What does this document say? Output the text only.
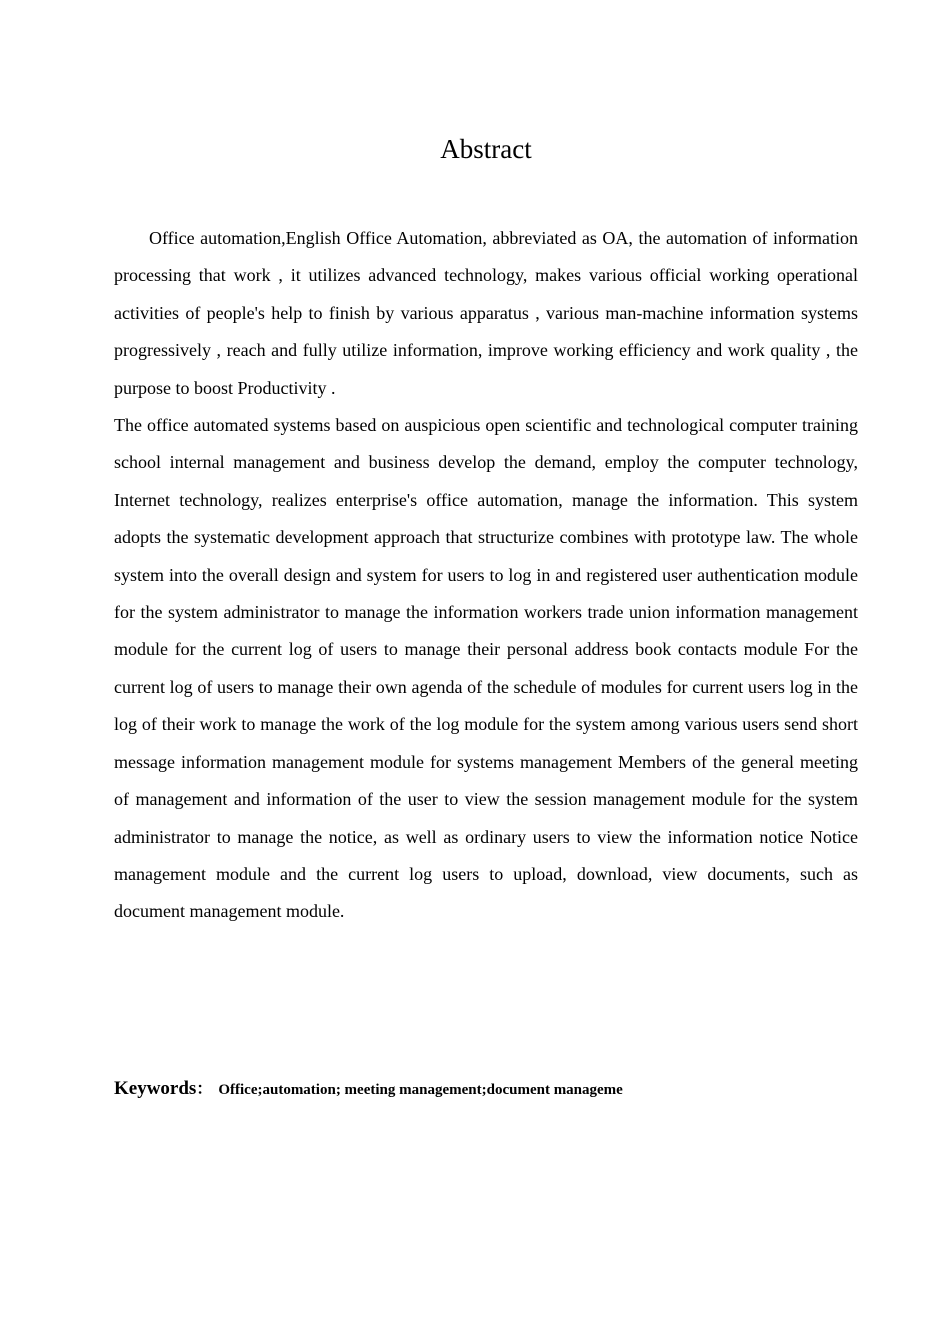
Abstract

Office automation,English Office Automation, abbreviated as OA, the automation of information processing that work , it utilizes advanced technology, makes various official working operational activities of people's help to finish by various apparatus , various man-machine information systems progressively , reach and fully utilize information, improve working efficiency and work quality , the purpose to boost Productivity .

The office automated systems based on auspicious open scientific and technological computer training school internal management and business develop the demand, employ the computer technology, Internet technology, realizes enterprise's office automation, manage the information. This system adopts the systematic development approach that structurize combines with prototype law. The whole system into the overall design and system for users to log in and registered user authentication module for the system administrator to manage the information workers trade union information management module for the current log of users to manage their personal address book contacts module For the current log of users to manage their own agenda of the schedule of modules for current users log in the log of their work to manage the work of the log module for the system among various users send short message information management module for systems management Members of the general meeting of management and information of the user to view the session management module for the system administrator to manage the notice, as well as ordinary users to view the information notice Notice management module and the current log users to upload, download, view documents, such as document management module.

Keywords： Office;automation; meeting management;document manageme
